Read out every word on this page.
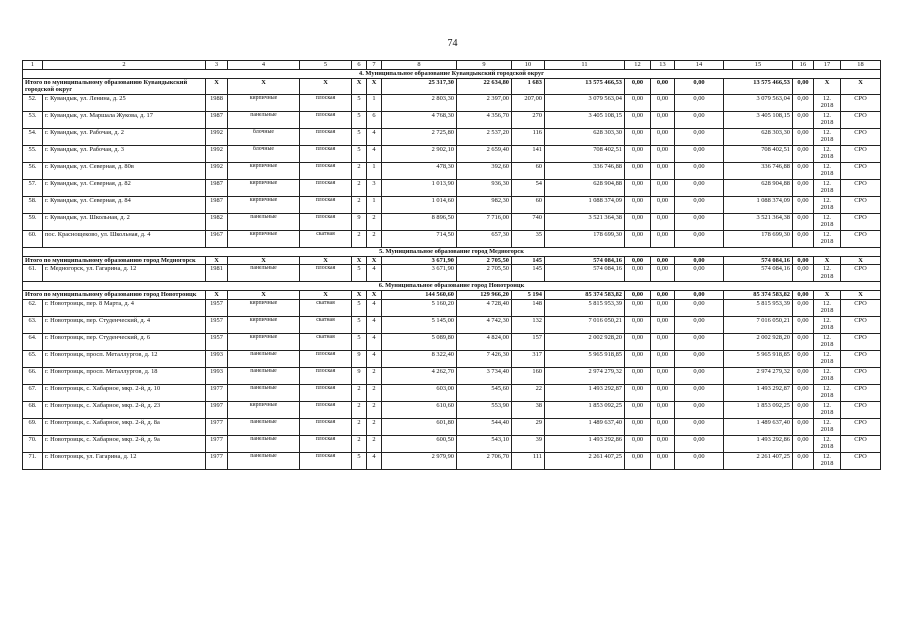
74
1	2	3	4	5	6	7	8	9	10	11	12	13	14	15	16	17	18
4. Муниципальное образование Кувандыкский городской округ																	
Итого по муниципальному образованию Кувандыкский городской округ		X	X	X	X	X	25 317,30	22 634,80	1 683	13 575 466,53	0,00	0,00	0,00	13 575 466,53	0,00	X	X
52.	г. Кувандык, ул. Ленина, д. 25	1988	кирпичные	плоская	5	1	2 803,30	2 397,00	207,00	3 079 563,04	0,00	0,00	0,00	3 079 563,04	0,00	12. 2018	СРО
53.	г. Кувандык, ул. Маршала Жукова, д. 17	1987	панельные	плоская	5	6	4 768,30	4 356,70	270	3 405 108,15	0,00	0,00	0,00	3 405 108,15	0,00	12. 2018	СРО
54.	г. Кувандык, ул. Рабочая, д. 2	1992	блочные	плоская	5	4	2 725,80	2 537,20	116	628 303,30	0,00	0,00	0,00	628 303,30	0,00	12. 2018	СРО
55.	г. Кувандык, ул. Рабочая, д. 3	1992	блочные	плоская	5	4	2 902,10	2 659,40	141	708 402,51	0,00	0,00	0,00	708 402,51	0,00	12. 2018	СРО
56.	г. Кувандык, ул. Северная, д. 80в	1992	кирпичные	плоская	2	1	478,30	392,60	60	336 746,88	0,00	0,00	0,00	336 746,88	0,00	12. 2018	СРО
57.	г. Кувандык, ул. Северная, д. 82	1987	кирпичные	плоская	2	3	1 013,90	936,30	54	628 904,88	0,00	0,00	0,00	628 904,88	0,00	12. 2018	СРО
58.	г. Кувандык, ул. Северная, д. 84	1987	кирпичные	плоская	2	1	1 014,60	982,30	60	1 088 374,09	0,00	0,00	0,00	1 088 374,09	0,00	12. 2018	СРО
59.	г. Кувандык, ул. Школьная, д. 2	1982	панельные	плоская	9	2	8 896,50	7 716,00	740	3 521 364,38	0,00	0,00	0,00	3 521 364,38	0,00	12. 2018	СРО
60.	пос. Краснощеково, ул. Школьная, д. 4	1967	кирпичные	скатная	2	2	714,50	657,30	35	178 699,30	0,00	0,00	0,00	178 699,30	0,00	12. 2018	СРО
5. Муниципальное образование город Медногорск																	
Итого по муниципальному образованию город Медногорск		X	X	X	X	X	3 671,90	2 705,50	145	574 084,16	0,00	0,00	0,00	574 084,16	0,00	X	X
61.	г. Медногорск, ул. Гагарина, д. 12	1981	панельные	плоская	5	4	3 671,90	2 705,50	145	574 084,16	0,00	0,00	0,00	574 084,16	0,00	12. 2018	СРО
6. Муниципальное образование город Новотроицк																	
Итого по муниципальному образованию город Новотроицк		X	X	X	X	X	144 560,60	129 966,20	5 194	85 374 583,82	0,00	0,00	0,00	85 374 583,82	0,00	X	X
62.	г. Новотроицк, пер. 8 Марта, д. 4	1957	кирпичные	скатная	5	4	5 160,20	4 728,40	148	5 815 953,39	0,00	0,00	0,00	5 815 953,39	0,00	12. 2018	СРО
63.	г. Новотроицк, пер. Студенческий, д. 4	1957	кирпичные	скатная	5	4	5 145,00	4 742,30	132	7 016 050,21	0,00	0,00	0,00	7 016 050,21	0,00	12. 2018	СРО
64.	г. Новотроицк, пер. Студенческий, д. 6	1957	кирпичные	скатная	5	4	5 089,80	4 824,00	157	2 002 928,20	0,00	0,00	0,00	2 002 928,20	0,00	12. 2018	СРО
65.	г. Новотроицк, просп. Металлургов, д. 12	1993	панельные	плоская	9	4	8 322,40	7 426,30	317	5 965 918,85	0,00	0,00	0,00	5 965 918,85	0,00	12. 2018	СРО
66.	г. Новотроицк, просп. Металлургов, д. 18	1993	панельные	плоская	9	2	4 262,70	3 734,40	160	2 974 279,32	0,00	0,00	0,00	2 974 279,32	0,00	12. 2018	СРО
67.	г. Новотроицк, с. Хабарное, мкр. 2-й, д. 10	1977	панельные	плоская	2	2	603,00	545,60	22	1 493 292,87	0,00	0,00	0,00	1 493 292,87	0,00	12. 2018	СРО
68.	г. Новотроицк, с. Хабарное, мкр. 2-й, д. 23	1997	кирпичные	плоская	2	2	610,60	553,90	38	1 853 092,25	0,00	0,00	0,00	1 853 092,25	0,00	12. 2018	СРО
69.	г. Новотроицк, с. Хабарное, мкр. 2-й, д. 8а	1977	панельные	плоская	2	2	601,80	544,40	29	1 489 637,40	0,00	0,00	0,00	1 489 637,40	0,00	12. 2018	СРО
70.	г. Новотроицк, с. Хабарное, мкр. 2-й, д. 9а	1977	панельные	плоская	2	2	600,50	543,10	39	1 493 292,86	0,00	0,00	0,00	1 493 292,86	0,00	12. 2018	СРО
71.	г. Новотроицк, ул. Гагарина, д. 12	1977	панельные	плоская	5	4	2 979,90	2 706,70	111	2 261 407,25	0,00	0,00	0,00	2 261 407,25	0,00	12. 2018	СРО
